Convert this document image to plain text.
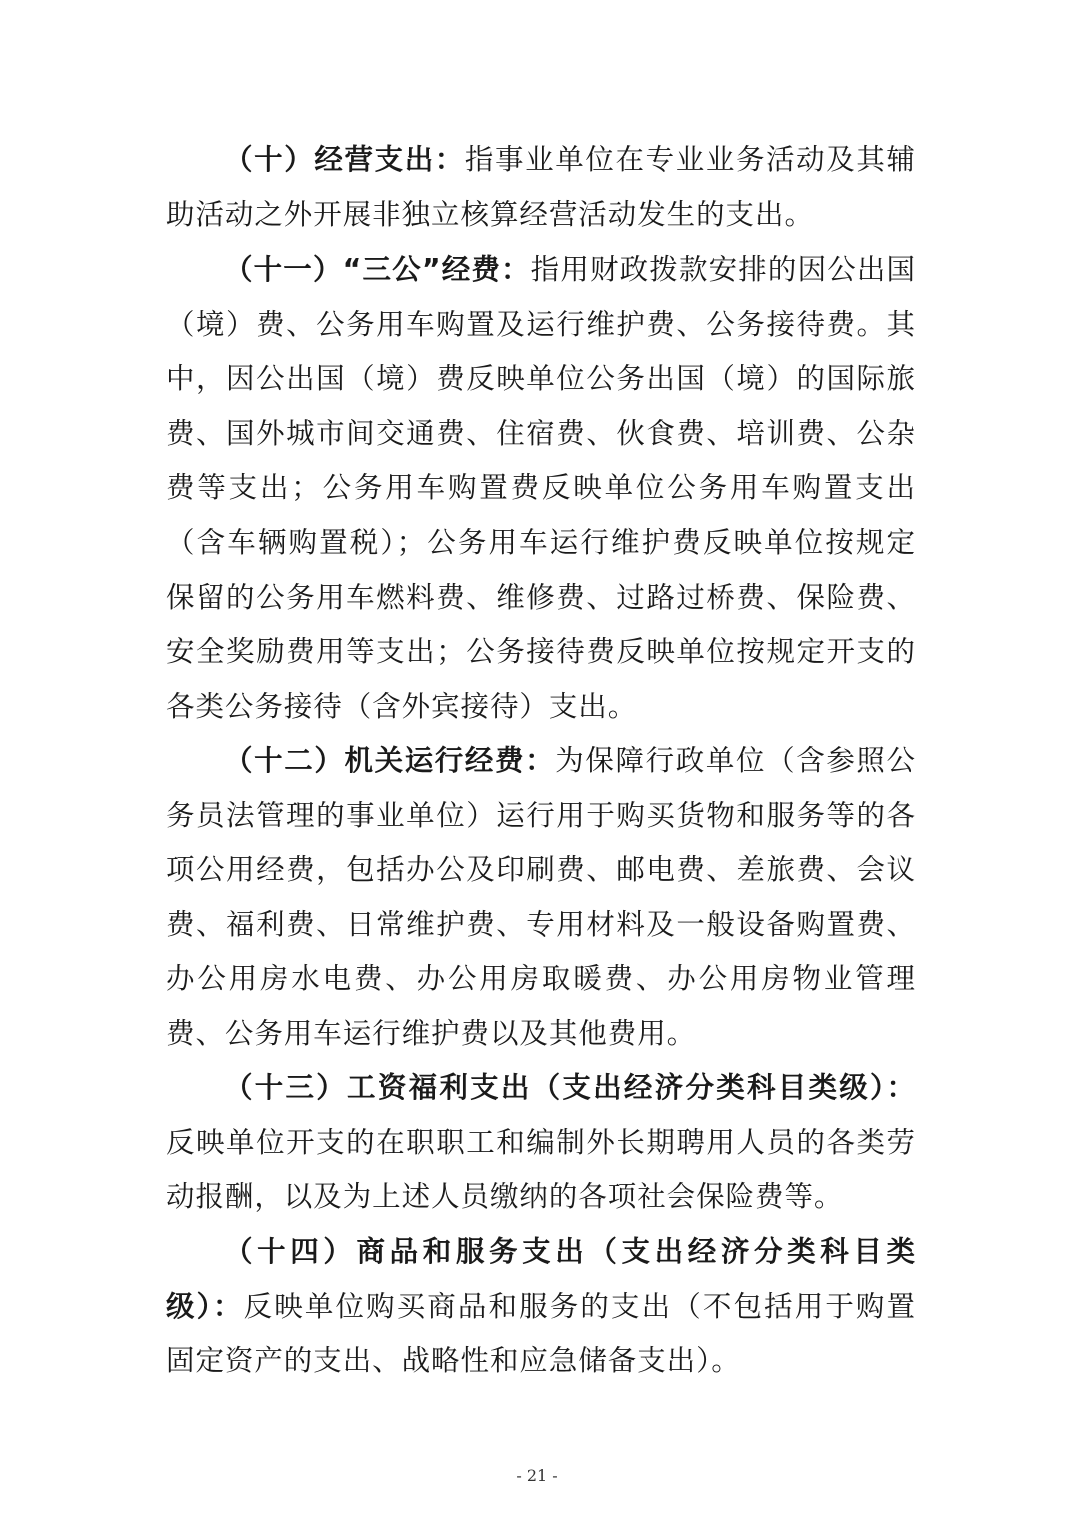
（十）经营支出：指事业单位在专业业务活动及其辅助活动之外开展非独立核算经营活动发生的支出。

（十一）“三公”经费：指用财政拨款安排的因公出国（境）费、公务用车购置及运行维护费、公务接待费。其中，因公出国（境）费反映单位公务出国（境）的国际旅费、国外城市间交通费、住宿费、伙食费、培训费、公杂费等支出；公务用车购置费反映单位公务用车购置支出（含车辆购置税）；公务用车运行维护费反映单位按规定保留的公务用车燃料费、维修费、过路过桥费、保险费、安全奖励费用等支出；公务接待费反映单位按规定开支的各类公务接待（含外宾接待）支出。

（十二）机关运行经费：为保障行政单位（含参照公务员法管理的事业单位）运行用于购买货物和服务等的各项公用经费，包括办公及印刷费、邮电费、差旅费、会议费、福利费、日常维护费、专用材料及一般设备购置费、办公用房水电费、办公用房取暖费、办公用房物业管理费、公务用车运行维护费以及其他费用。

（十三）工资福利支出（支出经济分类科目类级）：反映单位开支的在职职工和编制外长期聘用人员的各类劳动报酬，以及为上述人员缴纳的各项社会保险费等。

（十四）商品和服务支出（支出经济分类科目类级）：反映单位购买商品和服务的支出（不包括用于购置固定资产的支出、战略性和应急储备支出）。

- 21 -
